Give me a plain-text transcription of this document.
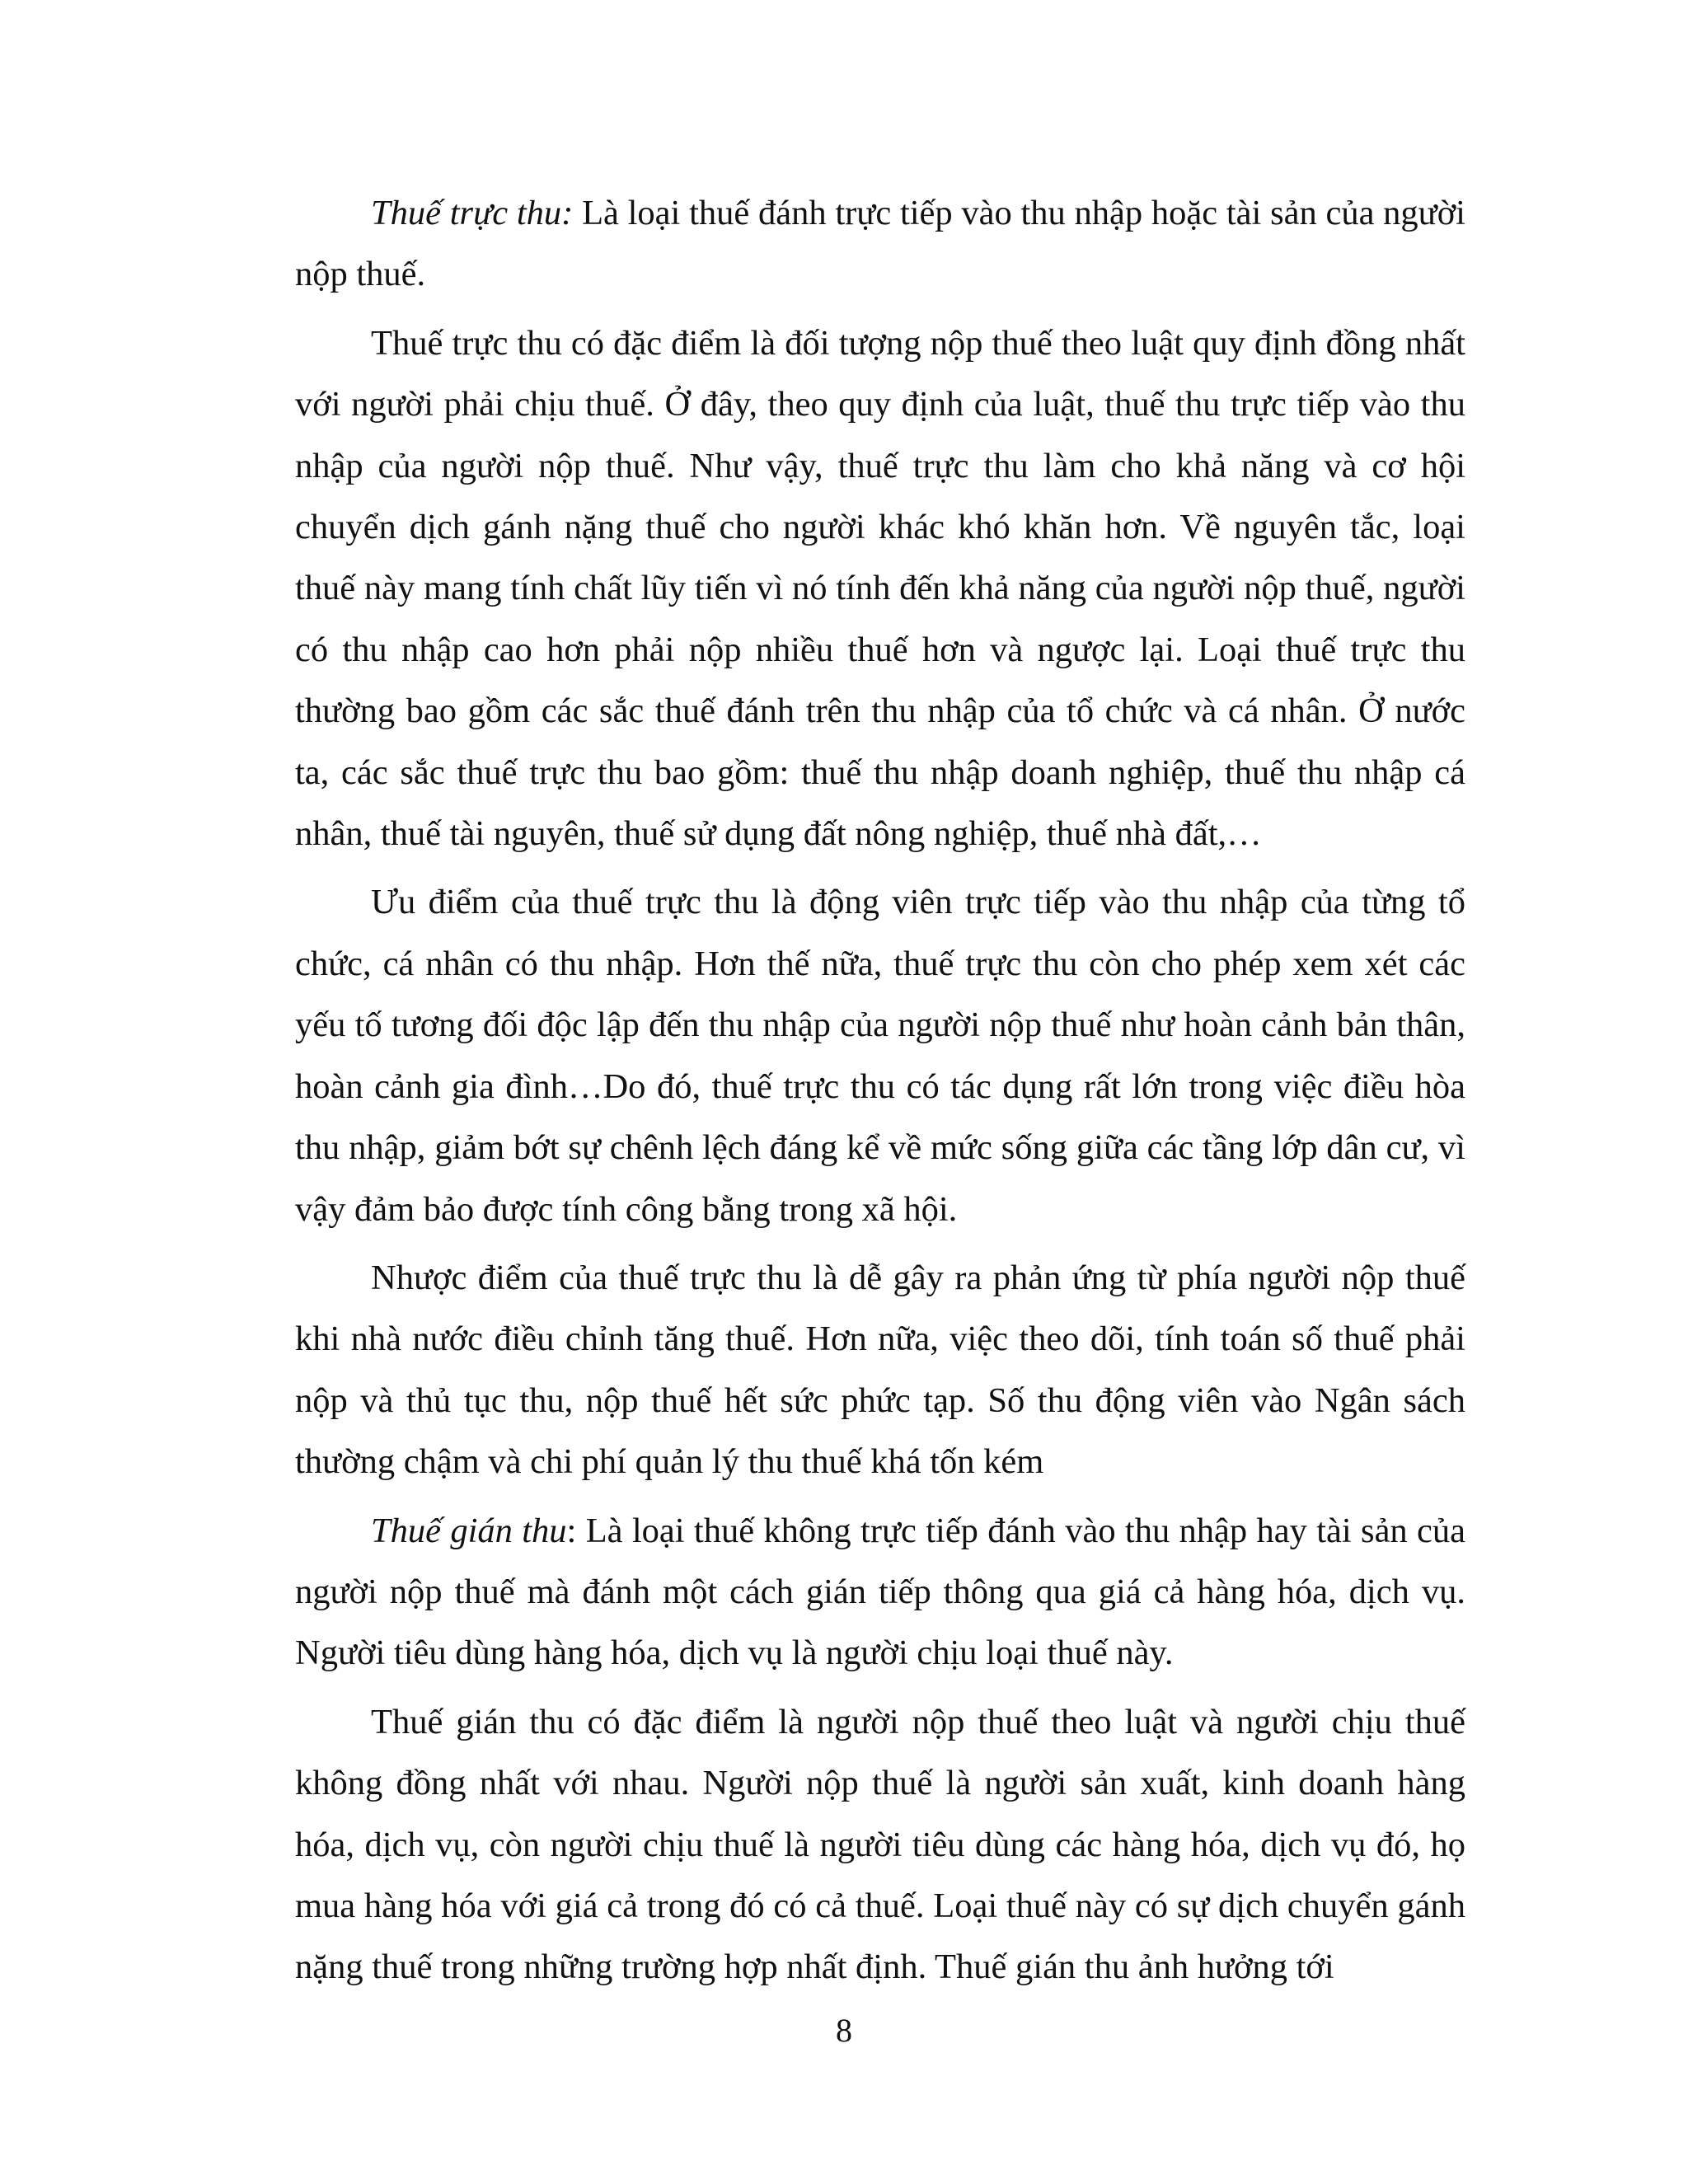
Thuế trực thu: Là loại thuế đánh trực tiếp vào thu nhập hoặc tài sản của người nộp thuế.

Thuế trực thu có đặc điểm là đối tượng nộp thuế theo luật quy định đồng nhất với người phải chịu thuế. Ở đây, theo quy định của luật, thuế thu trực tiếp vào thu nhập của người nộp thuế. Như vậy, thuế trực thu làm cho khả năng và cơ hội chuyển dịch gánh nặng thuế cho người khác khó khăn hơn. Về nguyên tắc, loại thuế này mang tính chất lũy tiến vì nó tính đến khả năng của người nộp thuế, người có thu nhập cao hơn phải nộp nhiều thuế hơn và ngược lại. Loại thuế trực thu thường bao gồm các sắc thuế đánh trên thu nhập của tổ chức và cá nhân. Ở nước ta, các sắc thuế trực thu bao gồm: thuế thu nhập doanh nghiệp, thuế thu nhập cá nhân, thuế tài nguyên, thuế sử dụng đất nông nghiệp, thuế nhà đất,…

Ưu điểm của thuế trực thu là động viên trực tiếp vào thu nhập của từng tổ chức, cá nhân có thu nhập. Hơn thế nữa, thuế trực thu còn cho phép xem xét các yếu tố tương đối độc lập đến thu nhập của người nộp thuế như hoàn cảnh bản thân, hoàn cảnh gia đình…Do đó, thuế trực thu có tác dụng rất lớn trong việc điều hòa thu nhập, giảm bớt sự chênh lệch đáng kể về mức sống giữa các tầng lớp dân cư, vì vậy đảm bảo được tính công bằng trong xã hội.

Nhược điểm của thuế trực thu là dễ gây ra phản ứng từ phía người nộp thuế khi nhà nước điều chỉnh tăng thuế. Hơn nữa, việc theo dõi, tính toán số thuế phải nộp và thủ tục thu, nộp thuế hết sức phức tạp. Số thu động viên vào Ngân sách thường chậm và chi phí quản lý thu thuế khá tốn kém

Thuế gián thu: Là loại thuế không trực tiếp đánh vào thu nhập hay tài sản của người nộp thuế mà đánh một cách gián tiếp thông qua giá cả hàng hóa, dịch vụ. Người tiêu dùng hàng hóa, dịch vụ là người chịu loại thuế này.

Thuế gián thu có đặc điểm là người nộp thuế theo luật và người chịu thuế không đồng nhất với nhau. Người nộp thuế là người sản xuất, kinh doanh hàng hóa, dịch vụ, còn người chịu thuế là người tiêu dùng các hàng hóa, dịch vụ đó, họ mua hàng hóa với giá cả trong đó có cả thuế. Loại thuế này có sự dịch chuyển gánh nặng thuế trong những trường hợp nhất định. Thuế gián thu ảnh hưởng tới

8
